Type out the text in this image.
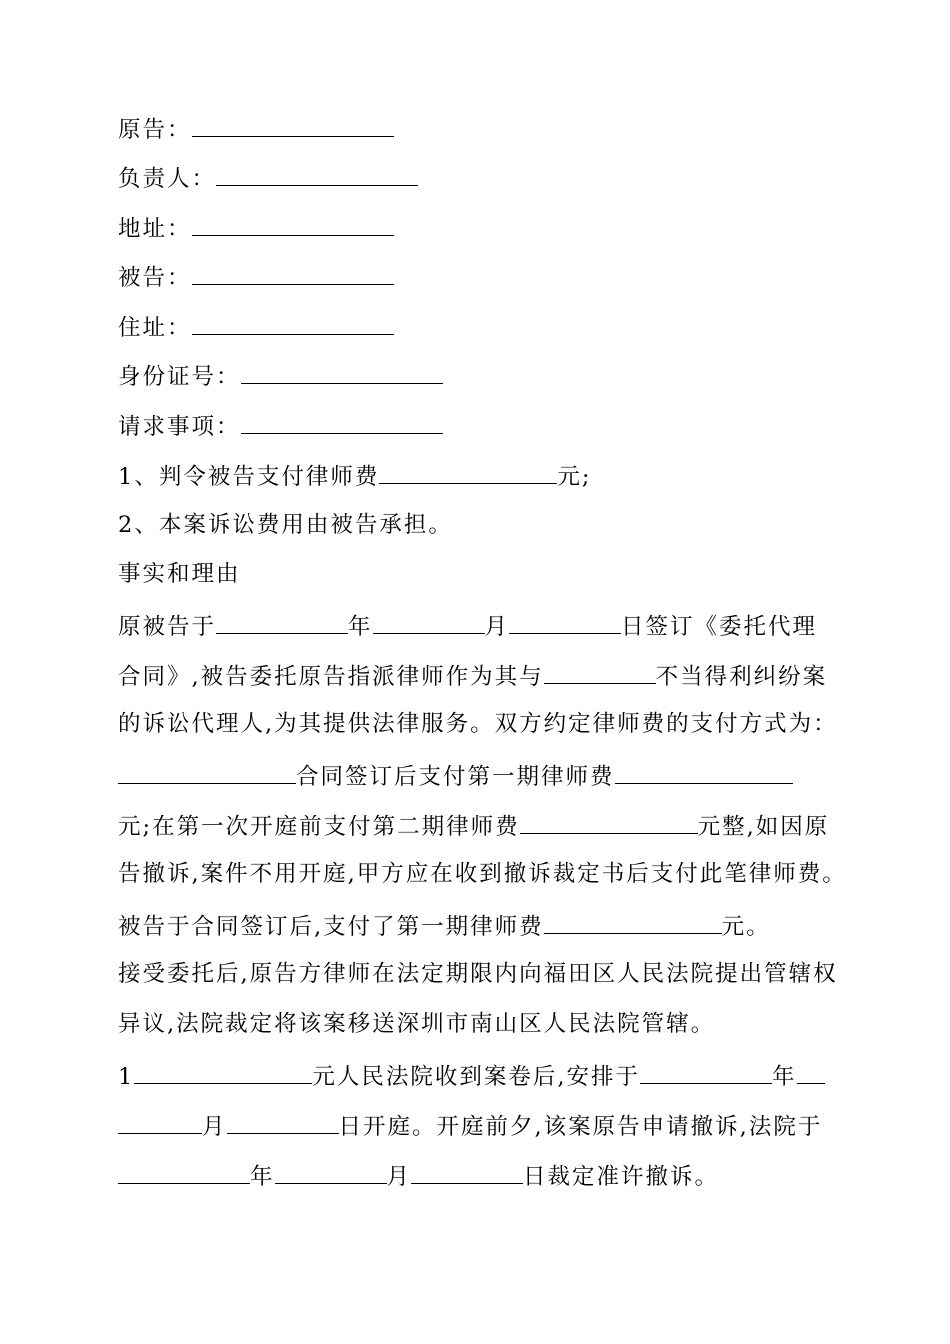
原告：
负责人：
地址：
被告：
住址：
身份证号：
请求事项：
1、判令被告支付律师费	元;
2、本案诉讼费用由被告承担。
事实和理由
原被告于	年	月	日签订《委托代理
合同》,被告委托原告指派律师作为其与	不当得利纠纷案
的诉讼代理人,为其提供法律服务。双方约定律师费的支付方式为：
合同签订后支付第一期律师费
元;在第一次开庭前支付第二期律师费	元整,如因原
告撤诉,案件不用开庭,甲方应在收到撤诉裁定书后支付此笔律师费。
被告于合同签订后,支付了第一期律师费	元。
接受委托后,原告方律师在法定期限内向福田区人民法院提出管辖权
异议,法院裁定将该案移送深圳市南山区人民法院管辖。
1	元人民法院收到案卷后,安排于	年
月	日开庭。开庭前夕,该案原告申请撤诉,法院于
年	月	日裁定准许撤诉。
